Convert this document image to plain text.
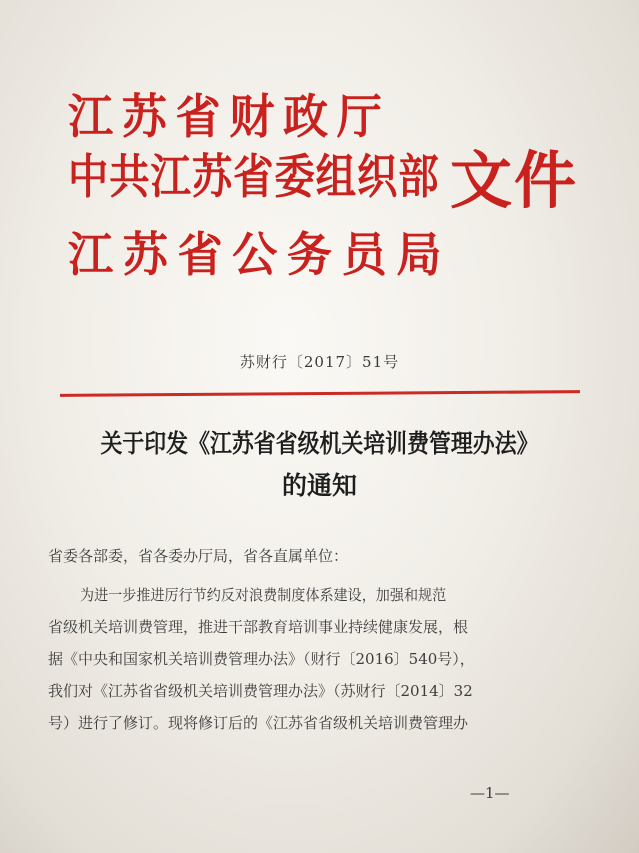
江苏省财政厅
中共江苏省委组织部
江苏省公务员局
文件
苏财行〔2017〕51号
关于印发《江苏省省级机关培训费管理办法》
的通知
省委各部委，省各委办厅局，省各直属单位：
为进一步推进厉行节约反对浪费制度体系建设，加强和规范
省级机关培训费管理，推进干部教育培训事业持续健康发展，根
据《中央和国家机关培训费管理办法》（财行〔2016〕540号），
我们对《江苏省省级机关培训费管理办法》（苏财行〔2014〕32
号）进行了修订。现将修订后的《江苏省省级机关培训费管理办
—1—
